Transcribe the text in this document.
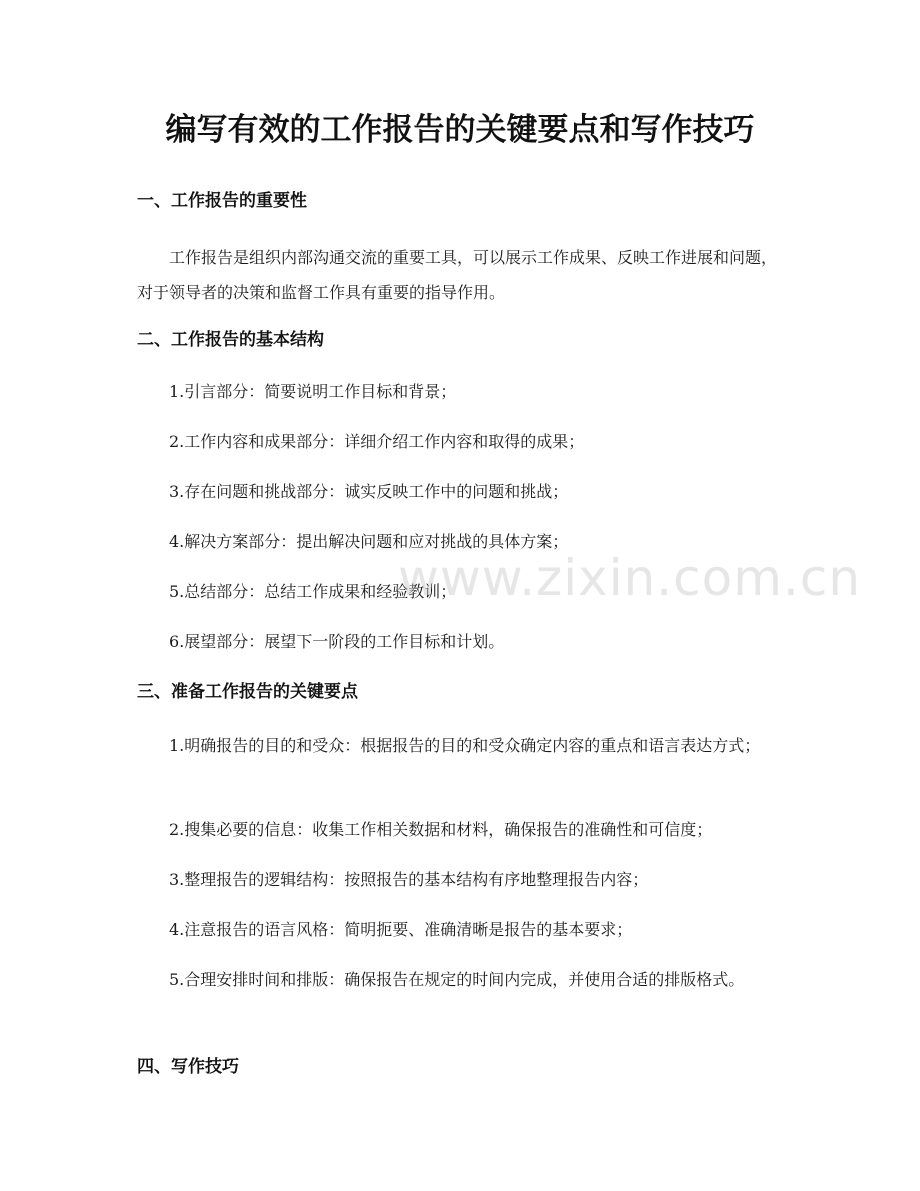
编写有效的工作报告的关键要点和写作技巧
一、工作报告的重要性

工作报告是组织内部沟通交流的重要工具，可以展示工作成果、反映工作进展和问题，对于领导者的决策和监督工作具有重要的指导作用。

二、工作报告的基本结构

1.引言部分：简要说明工作目标和背景；

2.工作内容和成果部分：详细介绍工作内容和取得的成果；

3.存在问题和挑战部分：诚实反映工作中的问题和挑战；

4.解决方案部分：提出解决问题和应对挑战的具体方案；

5.总结部分：总结工作成果和经验教训；

6.展望部分：展望下一阶段的工作目标和计划。

三、准备工作报告的关键要点

1.明确报告的目的和受众：根据报告的目的和受众确定内容的重点和语言表达方式；

2.搜集必要的信息：收集工作相关数据和材料，确保报告的准确性和可信度；

3.整理报告的逻辑结构：按照报告的基本结构有序地整理报告内容；

4.注意报告的语言风格：简明扼要、准确清晰是报告的基本要求；

5.合理安排时间和排版：确保报告在规定的时间内完成，并使用合适的排版格式。

四、写作技巧
www.zixin.com.cn
